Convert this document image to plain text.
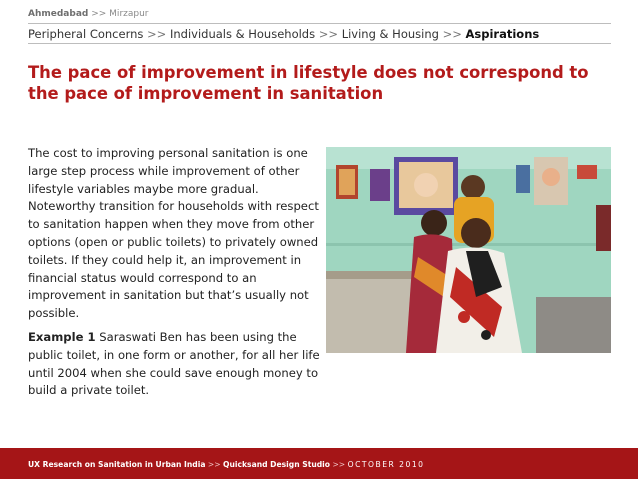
Ahmedabad >> Mirzapur
Peripheral Concerns >> Individuals & Households >> Living & Housing >> Aspirations
The pace of improvement in lifestyle does not correspond to the pace of improvement in sanitation

The cost to improving personal sanitation is one large step process while improvement of other lifestyle variables maybe more gradual. Noteworthy transition for households with respect to sanitation happen when they move from other options (open or public toilets) to privately owned toilets. If they could help it, an improvement in financial status would correspond to an improvement in sanitation but that’s usually not possible.

Example 1 Saraswati Ben has been using the public toilet, in one form or another, for all her life until 2004 when she could save enough money to build a private toilet.

UX Research on Sanitation in Urban India >> Quicksand Design Studio >> OCTOBER 2010
